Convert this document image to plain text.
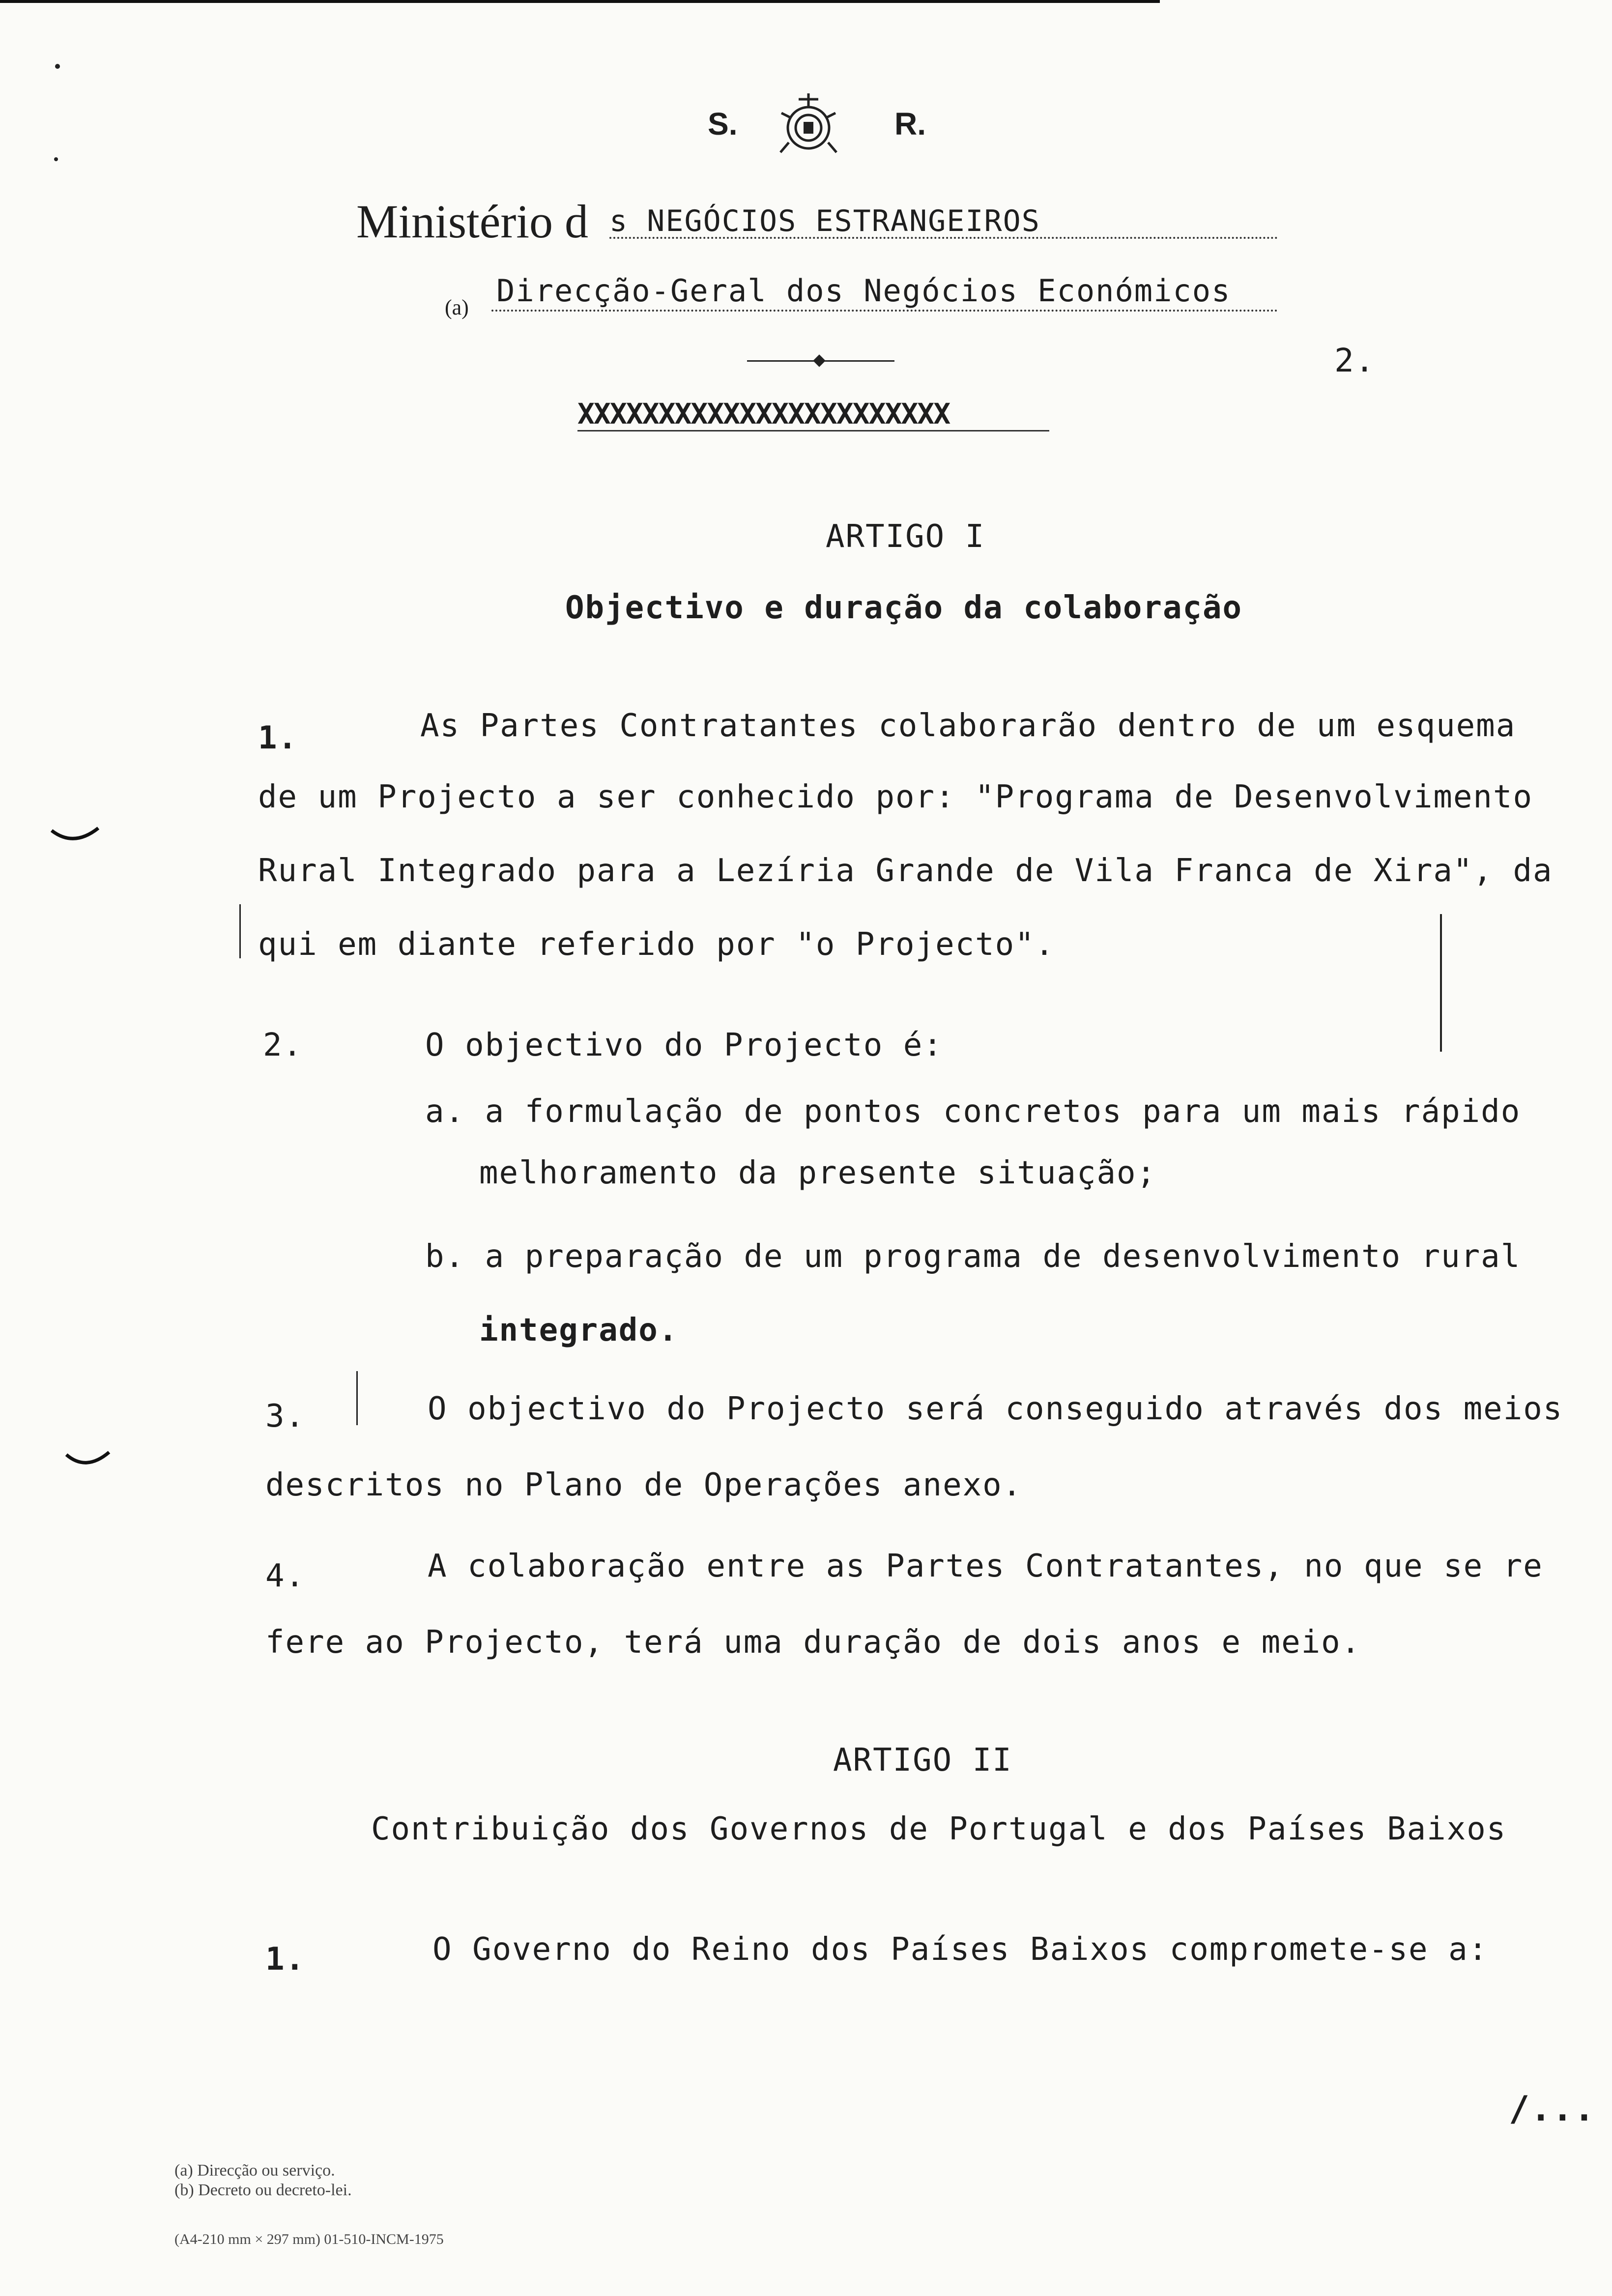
S.	R.
Ministério d s NEGÓCIOS ESTRANGEIROS
(a) Direcção-Geral dos Negócios Económicos
2.
XXXXXXXXXXXXXXXXXXXXXXX
ARTIGO I
Objectivo e duração da colaboração
1.	As Partes Contratantes colaborarão dentro de um esquema
de um Projecto a ser conhecido por: "Programa de Desenvolvimento
Rural Integrado para a Lezíria Grande de Vila Franca de Xira", da
qui em diante referido por "o Projecto".
2.	O objectivo do Projecto é:
a. a formulação de pontos concretos para um mais rápido
melhoramento da presente situação;
b. a preparação de um programa de desenvolvimento rural
integrado.
3.	O objectivo do Projecto será conseguido através dos meios
descritos no Plano de Operações anexo.
4.	A colaboração entre as Partes Contratantes, no que se re
fere ao Projecto, terá uma duração de dois anos e meio.
ARTIGO II
Contribuição dos Governos de Portugal e dos Países Baixos
1.	O Governo do Reino dos Países Baixos compromete-se a:
/...
(a) Direcção ou serviço.
(b) Decreto ou decreto-lei.
(A4-210 mm × 297 mm) 01-510-INCM-1975
